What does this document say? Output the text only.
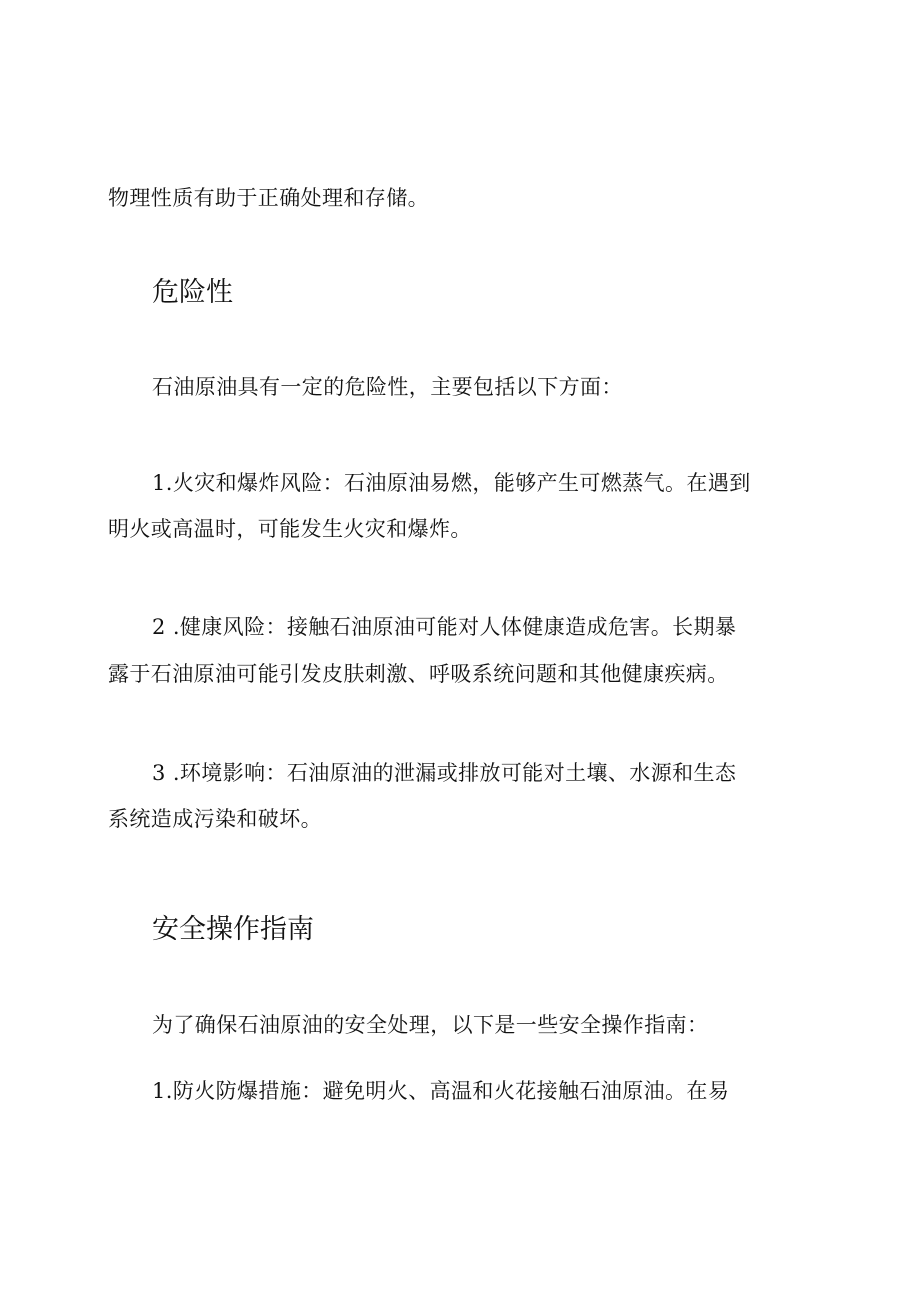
物理性质有助于正确处理和存储。
危险性
石油原油具有一定的危险性，主要包括以下方面：
1.火灾和爆炸风险：石油原油易燃，能够产生可燃蒸气。在遇到
明火或高温时，可能发生火灾和爆炸。
2 .健康风险：接触石油原油可能对人体健康造成危害。长期暴
露于石油原油可能引发皮肤刺激、呼吸系统问题和其他健康疾病。
3 .环境影响：石油原油的泄漏或排放可能对土壤、水源和生态
系统造成污染和破坏。
安全操作指南
为了确保石油原油的安全处理，以下是一些安全操作指南：
1.防火防爆措施：避免明火、高温和火花接触石油原油。在易
